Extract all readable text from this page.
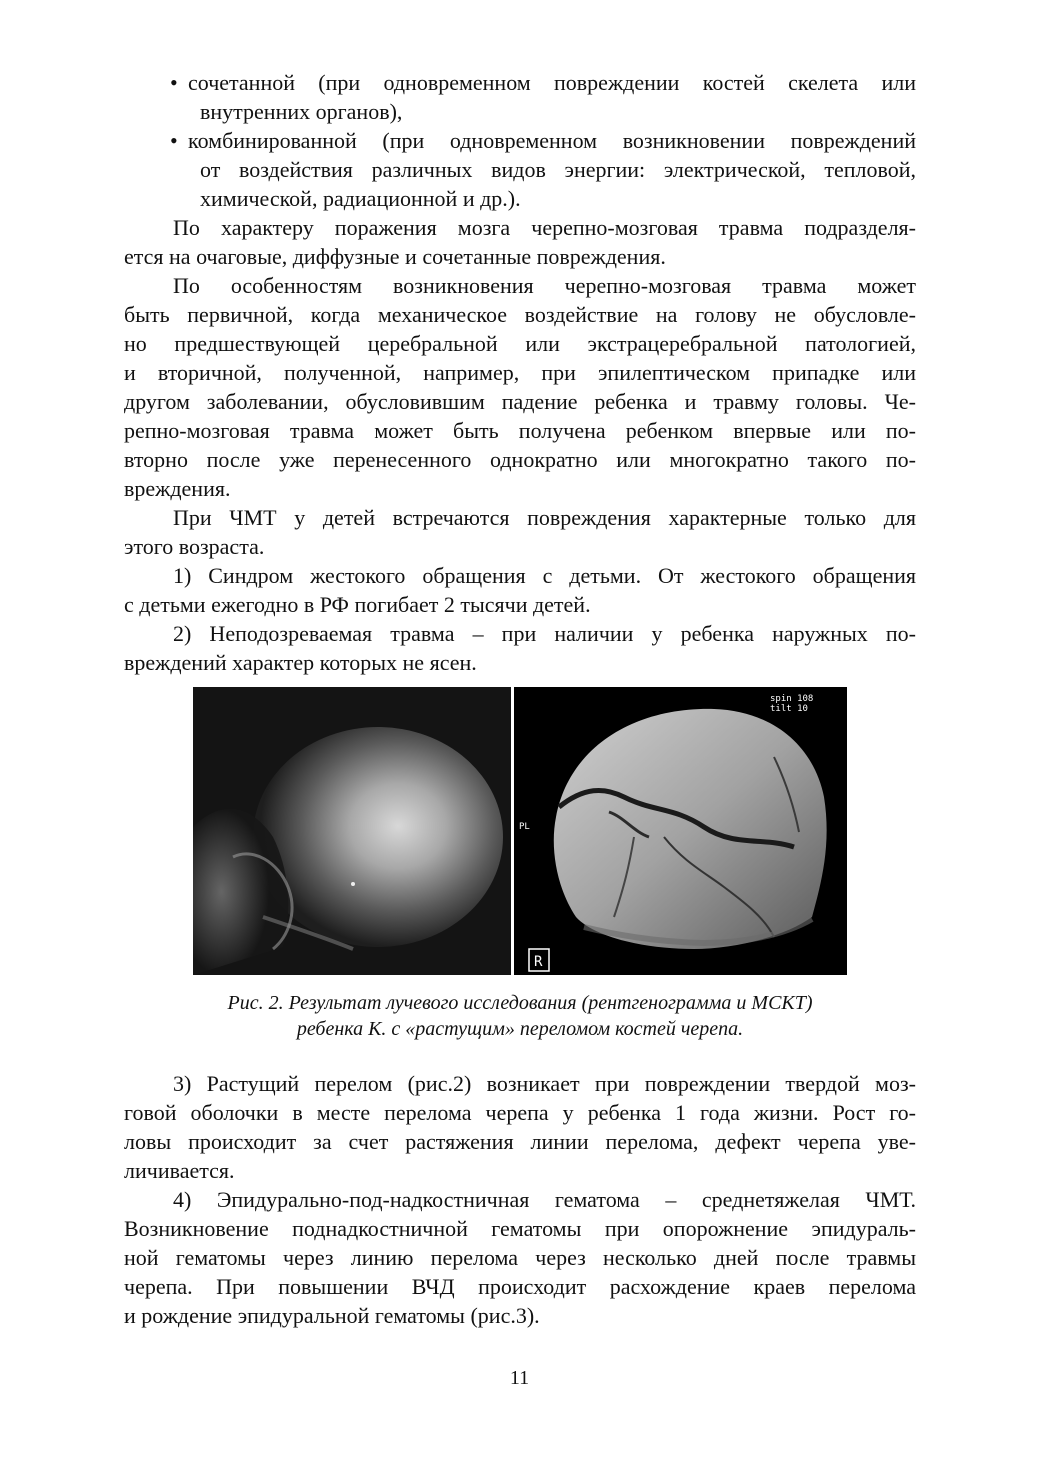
• сочетанной (при одновременном повреждении костей скелета или
внутренних органов),
• комбинированной (при одновременном возникновении повреждений
от воздействия различных видов энергии: электрической, тепловой,
химической, радиационной и др.).
По характеру поражения мозга черепно-мозговая травма подразделя-
ется на очаговые, диффузные и сочетанные повреждения.
По особенностям возникновения черепно-мозговая травма может
быть первичной, когда механическое воздействие на голову не обусловле-
но предшествующей церебральной или экстрацеребральной патологией,
и вторичной, полученной, например, при эпилептическом припадке или
другом заболевании, обусловившим падение ребенка и травму головы. Че-
репно-мозговая травма может быть получена ребенком впервые или по-
вторно после уже перенесенного однократно или многократно такого по-
вреждения.
При ЧМТ у детей встречаются повреждения характерные только для
этого возраста.
1) Синдром жестокого обращения с детьми. От жестокого обращения
с детьми ежегодно в РФ погибает 2 тысячи детей.
2) Неподозреваемая травма – при наличии у ребенка наружных по-
вреждений характер которых не ясен.
spin 108
tilt 10
PL
R
Рис. 2. Результат лучевого исследования (рентгенограмма и МСКТ)
ребенка К. с «растущим» переломом костей черепа.
3) Растущий перелом (рис.2) возникает при повреждении твердой моз-
говой оболочки в месте перелома черепа у ребенка 1 года жизни. Рост го-
ловы происходит за счет растяжения линии перелома, дефект черепа уве-
личивается.
4) Эпидурально-под-надкостничная гематома – среднетяжелая ЧМТ.
Возникновение поднадкостничной гематомы при опорожнение эпидураль-
ной гематомы через линию перелома через несколько дней после травмы
черепа. При повышении ВЧД происходит расхождение краев перелома
и рождение эпидуральной гематомы (рис.3).
11
